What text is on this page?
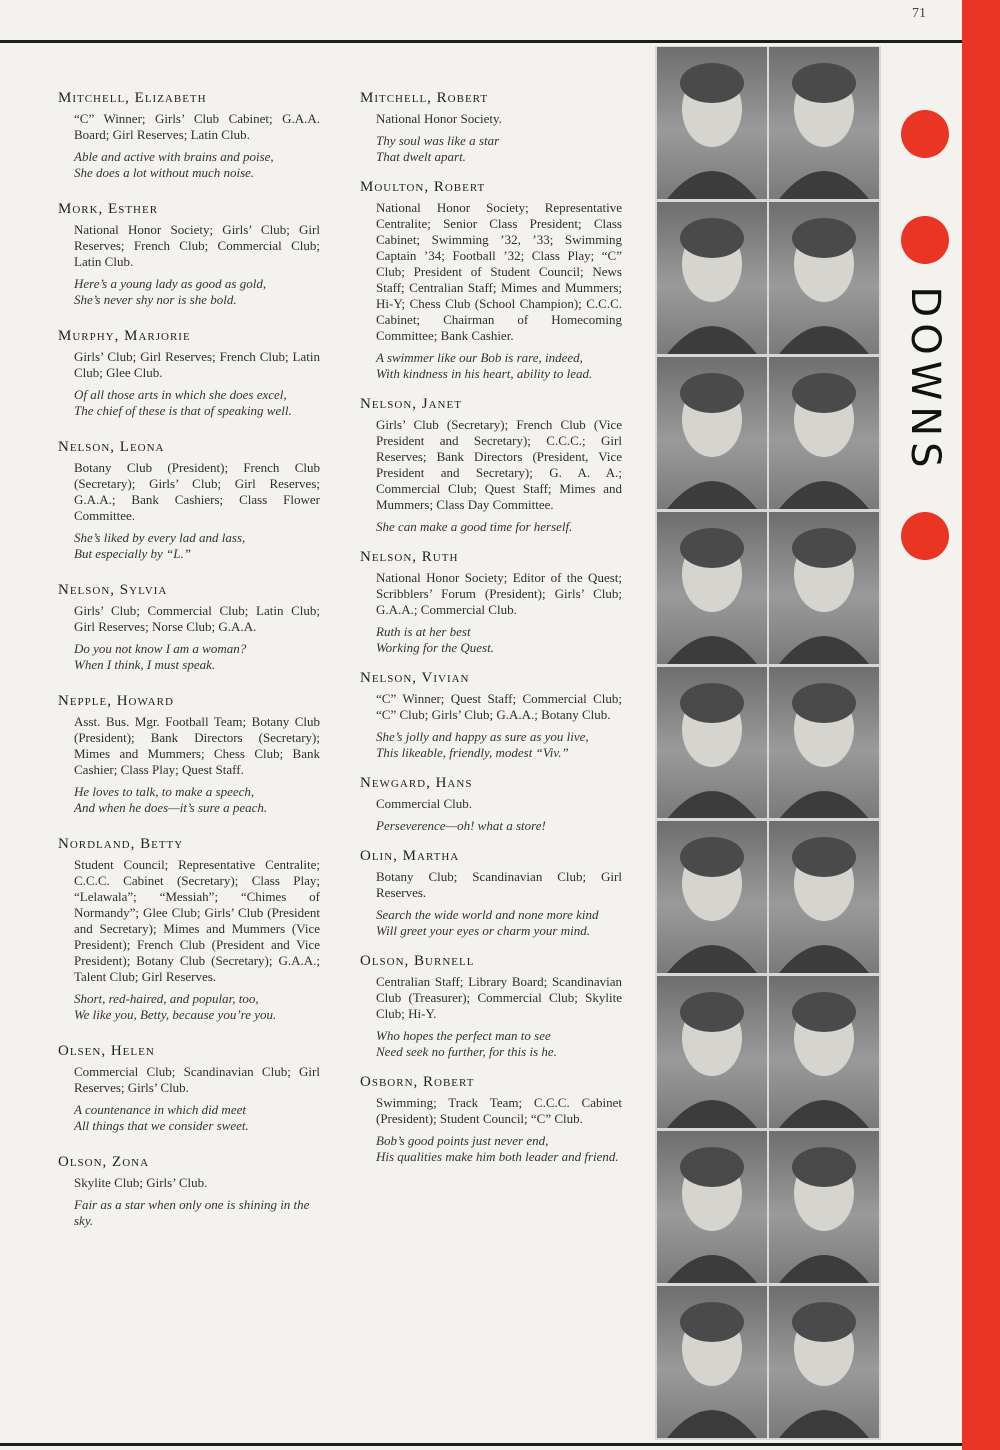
71
Mitchell, Elizabeth
“C” Winner; Girls’ Club Cabinet; G.A.A. Board; Girl Reserves; Latin Club.
Able and active with brains and poise,
She does a lot without much noise.
Mork, Esther
National Honor Society; Girls’ Club; Girl Reserves; French Club; Commercial Club; Latin Club.
Here’s a young lady as good as gold,
She’s never shy nor is she bold.
Murphy, Marjorie
Girls’ Club; Girl Reserves; French Club; Latin Club; Glee Club.
Of all those arts in which she does excel,
The chief of these is that of speaking well.
Nelson, Leona
Botany Club (President); French Club (Secretary); Girls’ Club; Girl Reserves; G.A.A.; Bank Cashiers; Class Flower Committee.
She’s liked by every lad and lass,
But especially by “L.”
Nelson, Sylvia
Girls’ Club; Commercial Club; Latin Club; Girl Reserves; Norse Club; G.A.A.
Do you not know I am a woman?
When I think, I must speak.
Nepple, Howard
Asst. Bus. Mgr. Football Team; Botany Club (President); Bank Directors (Secretary); Mimes and Mummers; Chess Club; Bank Cashier; Class Play; Quest Staff.
He loves to talk, to make a speech,
And when he does—it’s sure a peach.
Nordland, Betty
Student Council; Representative Centralite; C.C.C. Cabinet (Secretary); Class Play; “Lelawala”; “Messiah”; “Chimes of Normandy”; Glee Club; Girls’ Club (President and Secretary); Mimes and Mummers (Vice President); French Club (President and Vice President); Botany Club (Secretary); G.A.A.; Talent Club; Girl Reserves.
Short, red-haired, and popular, too,
We like you, Betty, because you’re you.
Olsen, Helen
Commercial Club; Scandinavian Club; Girl Reserves; Girls’ Club.
A countenance in which did meet
All things that we consider sweet.
Olson, Zona
Skylite Club; Girls’ Club.
Fair as a star when only one is shining in the sky.
Mitchell, Robert
National Honor Society.
Thy soul was like a star
That dwelt apart.
Moulton, Robert
National Honor Society; Representative Centralite; Senior Class President; Class Cabinet; Swimming ’32, ’33; Swimming Captain ’34; Football ’32; Class Play; “C” Club; President of Student Council; News Staff; Centralian Staff; Mimes and Mummers; Hi-Y; Chess Club (School Champion); C.C.C. Cabinet; Chairman of Homecoming Committee; Bank Cashier.
A swimmer like our Bob is rare, indeed,
With kindness in his heart, ability to lead.
Nelson, Janet
Girls’ Club (Secretary); French Club (Vice President and Secretary); C.C.C.; Girl Reserves; Bank Directors (President, Vice President and Secretary); G. A. A.; Commercial Club; Quest Staff; Mimes and Mummers; Class Day Committee.
She can make a good time for herself.
Nelson, Ruth
National Honor Society; Editor of the Quest; Scribblers’ Forum (President); Girls’ Club; G.A.A.; Commercial Club.
Ruth is at her best
Working for the Quest.
Nelson, Vivian
“C” Winner; Quest Staff; Commercial Club; “C” Club; Girls’ Club; G.A.A.; Botany Club.
She’s jolly and happy as sure as you live,
This likeable, friendly, modest “Viv.”
Newgard, Hans
Commercial Club.
Perseverence—oh! what a store!
Olin, Martha
Botany Club; Scandinavian Club; Girl Reserves.
Search the wide world and none more kind
Will greet your eyes or charm your mind.
Olson, Burnell
Centralian Staff; Library Board; Scandinavian Club (Treasurer); Commercial Club; Skylite Club; Hi-Y.
Who hopes the perfect man to see
Need seek no further, for this is he.
Osborn, Robert
Swimming; Track Team; C.C.C. Cabinet (President); Student Council; “C” Club.
Bob’s good points just never end,
His qualities make him both leader and friend.
DOWNS
